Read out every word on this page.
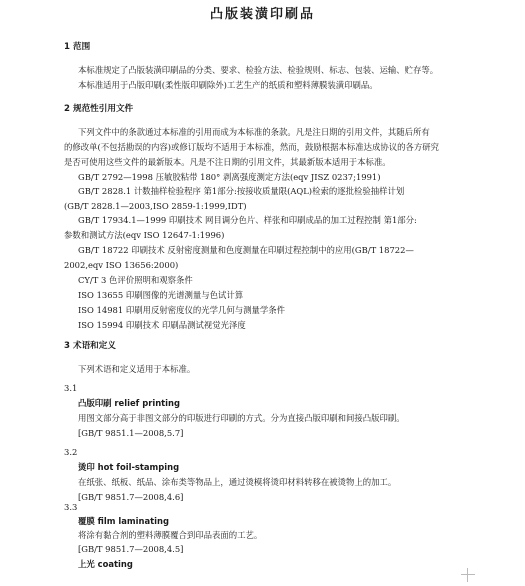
凸版装潢印刷品
1 范围
本标准规定了凸版装潢印刷品的分类、要求、检验方法、检验规则、标志、包装、运输、贮存等。
本标准适用于凸版印刷(柔性版印刷除外)工艺生产的纸质和塑料薄膜装潢印刷品。
2 规范性引用文件
下列文件中的条款通过本标准的引用而成为本标准的条款。凡是注日期的引用文件，其随后所有
的修改单(不包括勘误的内容)或修订版均不适用于本标准，然而，鼓励根据本标准达成协议的各方研究
是否可使用这些文件的最新版本。凡是不注日期的引用文件，其最新版本适用于本标准。
GB/T 2792—1998 压敏胶粘带 180° 剥离强度测定方法(eqv JISZ 0237;1991)
GB/T 2828.1 计数抽样检验程序 第1部分:按接收质量限(AQL)检索的逐批检验抽样计划
(GB/T 2828.1—2003,ISO 2859-1:1999,IDT)
GB/T 17934.1—1999 印刷技术 网目调分色片、样张和印刷成品的加工过程控制 第1部分:
参数和测试方法(eqv ISO 12647-1:1996)
GB/T 18722 印刷技术 反射密度测量和色度测量在印刷过程控制中的应用(GB/T 18722—
2002,eqv ISO 13656:2000)
CY/T 3 色评价照明和观察条件
ISO 13655 印刷图像的光谱测量与色试计算
ISO 14981 印刷用反射密度仪的光学几何与测量学条件
ISO 15994 印刷技术 印刷品测试视觉光泽度
3 术语和定义
下列术语和定义适用于本标准。
3.1
凸版印刷 relief printing
用图文部分高于非图文部分的印版进行印刷的方式。分为直接凸版印刷和间接凸版印刷。
[GB/T 9851.1—2008,5.7]
3.2
烫印 hot foil-stamping
在纸张、纸板、纸品、涂布类等物品上，通过烫模将烫印材料转移在被烫物上的加工。
[GB/T 9851.7—2008,4.6]
3.3
覆膜 film laminating
将涂有黏合剂的塑料薄膜覆合到印品表面的工艺。
[GB/T 9851.7—2008,4.5]
上光 coating
